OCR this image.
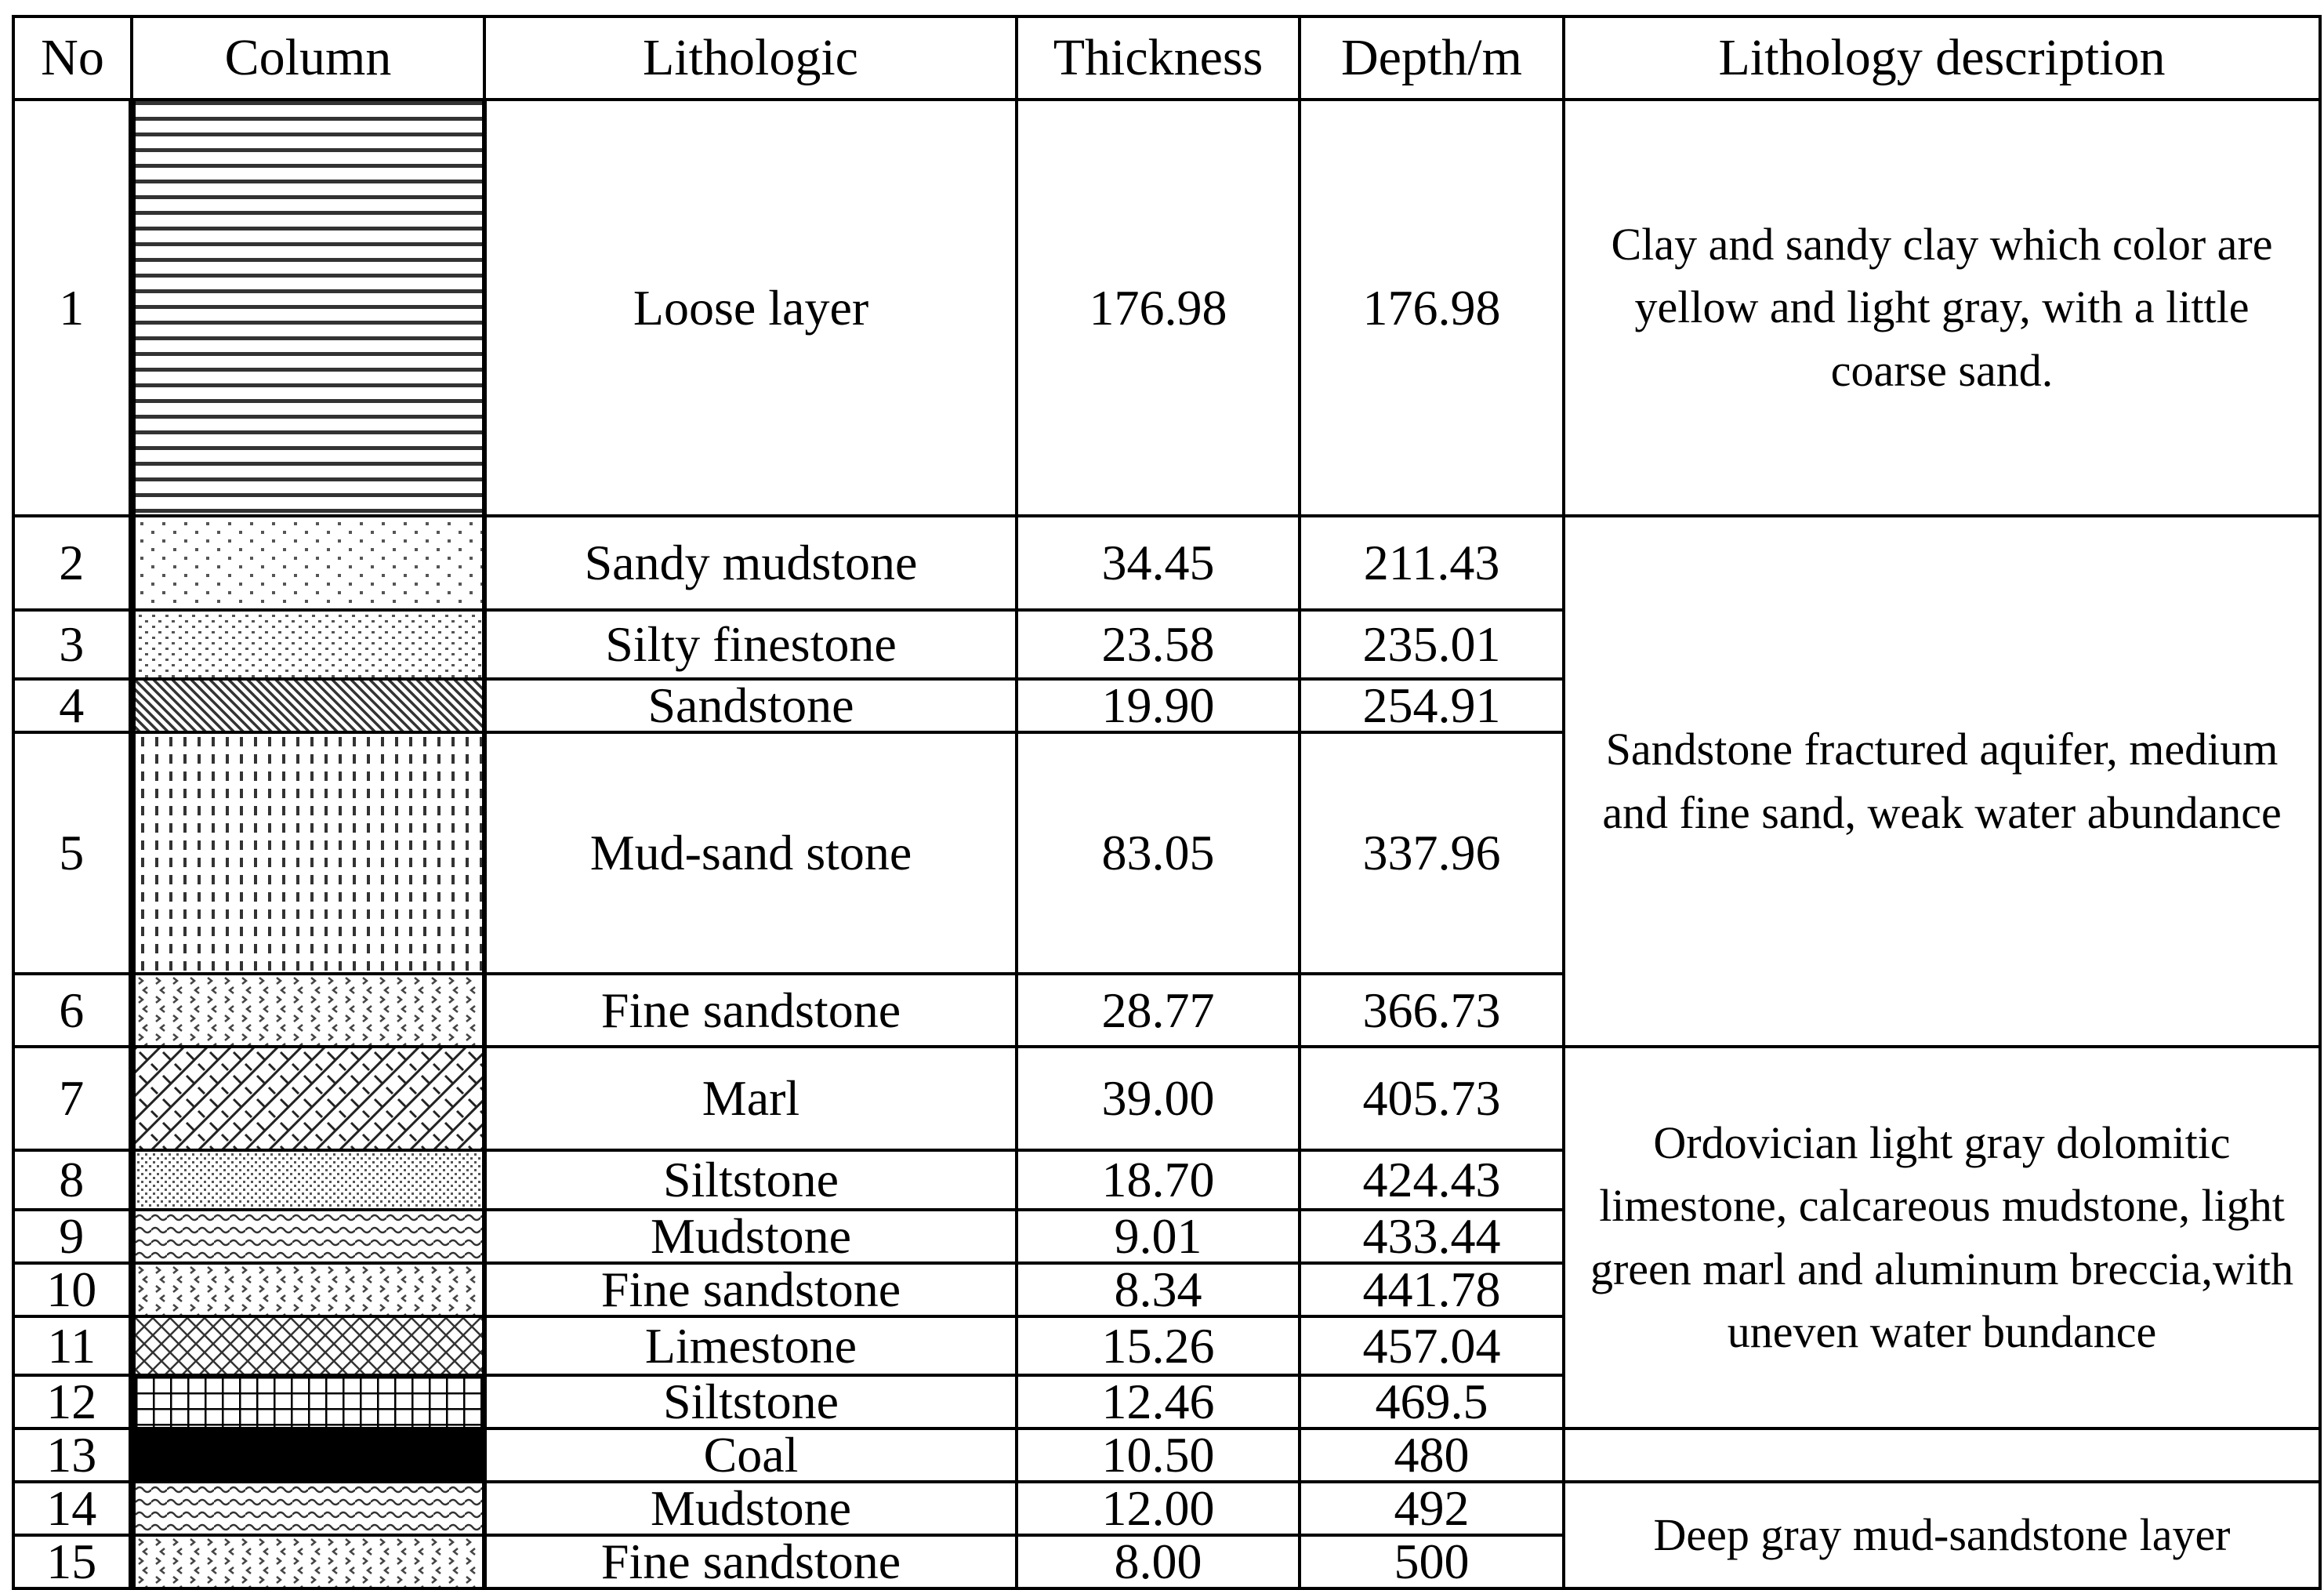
No	Column	Lithologic	Thickness	Depth/m	Lithology description
1		Loose layer	176.98	176.98	Clay and sandy clay which color are yellow and light gray, with a little coarse sand.
2		Sandy mudstone	34.45	211.43	Sandstone fractured aquifer, medium and fine sand, weak water abundance
3		Silty finestone	23.58	235.01	
4		Sandstone	19.90	254.91	
5		Mud-sand stone	83.05	337.96	
6		Fine sandstone	28.77	366.73	
7		Marl	39.00	405.73	Ordovician light gray dolomitic limestone, calcareous mudstone, light green marl and aluminum breccia,with uneven water bundance
8		Siltstone	18.70	424.43	
9		Mudstone	9.01	433.44	
10		Fine sandstone	8.34	441.78	
11		Limestone	15.26	457.04	
12		Siltstone	12.46	469.5	
13		Coal	10.50	480	
14		Mudstone	12.00	492	Deep gray mud-sandstone layer
15		Fine sandstone	8.00	500	
